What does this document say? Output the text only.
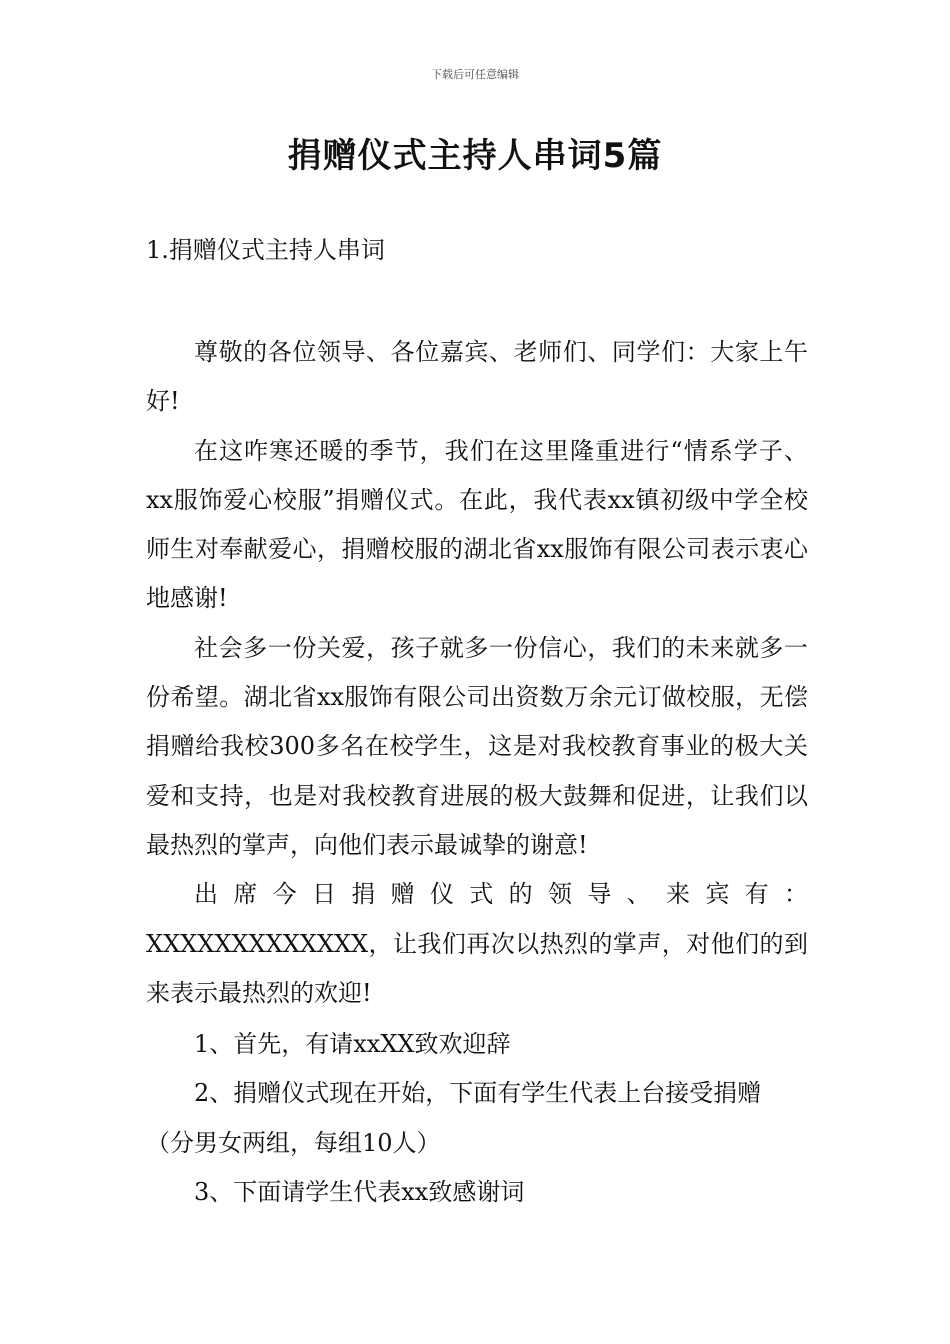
下载后可任意编辑
捐赠仪式主持人串词5篇
1.捐赠仪式主持人串词

尊敬的各位领导、各位嘉宾、老师们、同学们：大家上午好!

在这咋寒还暖的季节，我们在这里隆重进行“情系学子、xx服饰爱心校服”捐赠仪式。在此，我代表xx镇初级中学全校师生对奉献爱心，捐赠校服的湖北省xx服饰有限公司表示衷心地感谢!

社会多一份关爱，孩子就多一份信心，我们的未来就多一份希望。湖北省xx服饰有限公司出资数万余元订做校服，无偿捐赠给我校300多名在校学生，这是对我校教育事业的极大关爱和支持，也是对我校教育进展的极大鼓舞和促进，让我们以最热烈的掌声，向他们表示最诚挚的谢意!

出席今日捐赠仪式的领导、来宾有：XXXXXXXXXXXXX，让我们再次以热烈的掌声，对他们的到来表示最热烈的欢迎!

1、首先，有请xxXX致欢迎辞

2、捐赠仪式现在开始，下面有学生代表上台接受捐赠（分男女两组，每组10人）

3、下面请学生代表xx致感谢词
